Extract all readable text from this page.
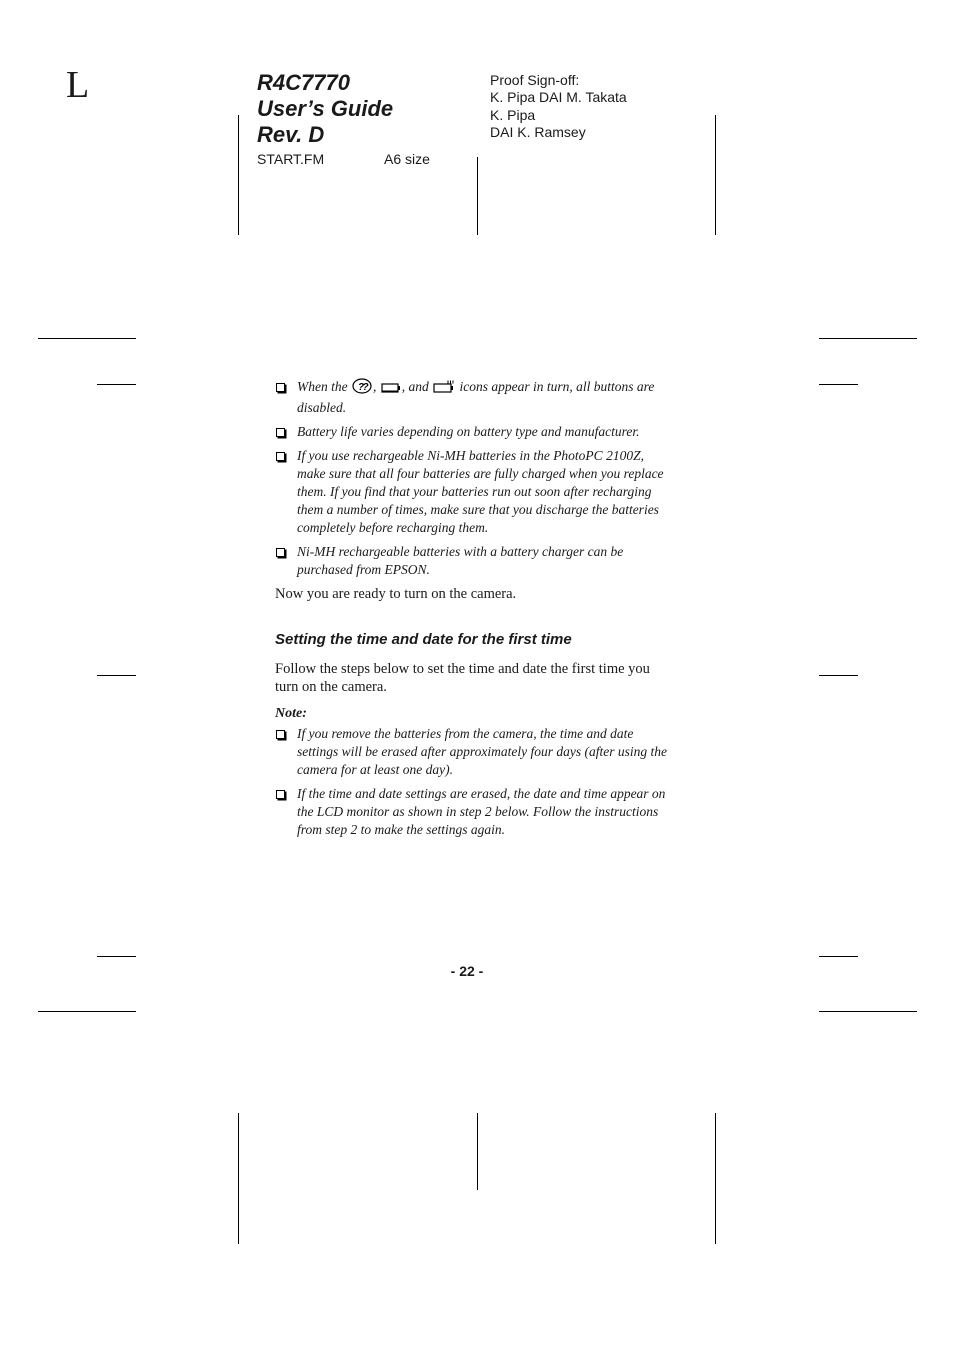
L	R4C7770
User’s Guide
Rev. D
START.FM	A6 size
Proof Sign-off:
K. Pipa DAI M. Takata
K. Pipa
DAI K. Ramsey
When the ?
? , , and icons appear in turn, all buttons are disabled.
Battery life varies depending on battery type and manufacturer.
If you use rechargeable Ni-MH batteries in the PhotoPC 2100Z, make sure that all four batteries are fully charged when you replace them. If you find that your batteries run out soon after recharging them a number of times, make sure that you discharge the batteries completely before recharging them.
Ni-MH rechargeable batteries with a battery charger can be purchased from EPSON.

Now you are ready to turn on the camera.

Setting the time and date for the first time

Follow the steps below to set the time and date the first time you turn on the camera.

Note:

If you remove the batteries from the camera, the time and date settings will be erased after approximately four days (after using the camera for at least one day).
If the time and date settings are erased, the date and time appear on the LCD monitor as shown in step 2 below. Follow the instructions from step 2 to make the settings again.
- 22 -
